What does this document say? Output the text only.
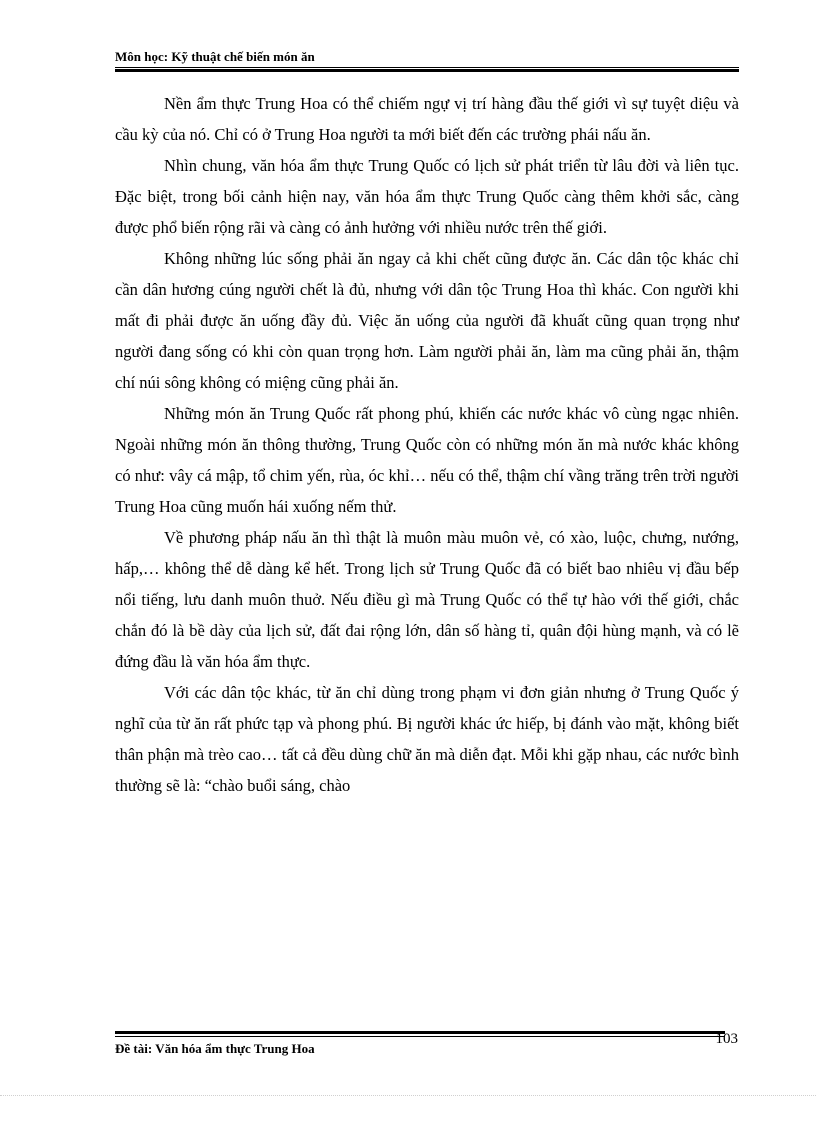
Môn học: Kỹ thuật chế biến món ăn

Nền ẩm thực Trung Hoa có thể chiếm ngự vị trí hàng đầu thế giới vì sự tuyệt diệu và cầu kỳ của nó. Chỉ có ở Trung Hoa người ta mới biết đến các trường phái nấu ăn.

Nhìn chung, văn hóa ẩm thực Trung Quốc có lịch sử phát triển từ lâu đời và liên tục. Đặc biệt, trong bối cảnh hiện nay, văn hóa ẩm thực Trung Quốc càng thêm khởi sắc, càng được phổ biến rộng rãi và càng có ảnh hưởng với nhiều nước trên thế giới.

Không những lúc sống phải ăn ngay cả khi chết cũng được ăn. Các dân tộc khác chỉ cần dân hương cúng người chết là đủ, nhưng với dân tộc Trung Hoa thì khác. Con người khi mất đi phải được ăn uống đầy đủ. Việc ăn uống của người đã khuất cũng quan trọng như người đang sống có khi còn quan trọng hơn. Làm người phải ăn, làm ma cũng phải ăn, thậm chí núi sông không có miệng cũng phải ăn.

Những món ăn Trung Quốc rất phong phú, khiến các nước khác vô cùng ngạc nhiên. Ngoài những món ăn thông thường, Trung Quốc còn có những món ăn mà nước khác không có như: vây cá mập, tổ chim yến, rùa, óc khỉ… nếu có thể, thậm chí vầng trăng trên trời người Trung Hoa cũng muốn hái xuống nếm thử.

Về phương pháp nấu ăn thì thật là muôn màu muôn vẻ, có xào, luộc, chưng, nướng, hấp,… không thể dễ dàng kể hết. Trong lịch sử Trung Quốc đã có biết bao nhiêu vị đầu bếp nổi tiếng, lưu danh muôn thuở. Nếu điều gì mà Trung Quốc có thể tự hào với thế giới, chắc chắn đó là bề dày của lịch sử, đất đai rộng lớn, dân số hàng tỉ, quân đội hùng mạnh, và có lẽ đứng đầu là văn hóa ẩm thực.

Với các dân tộc khác, từ ăn chỉ dùng trong phạm vi đơn giản nhưng ở Trung Quốc ý nghĩ của từ ăn rất phức tạp và phong phú. Bị người khác ức hiếp, bị đánh vào mặt, không biết thân phận mà trèo cao… tất cả đều dùng chữ ăn mà diễn đạt. Mỗi khi gặp nhau, các nước bình thường sẽ là: “chào buổi sáng, chào

103
Đề tài: Văn hóa ẩm thực Trung Hoa
